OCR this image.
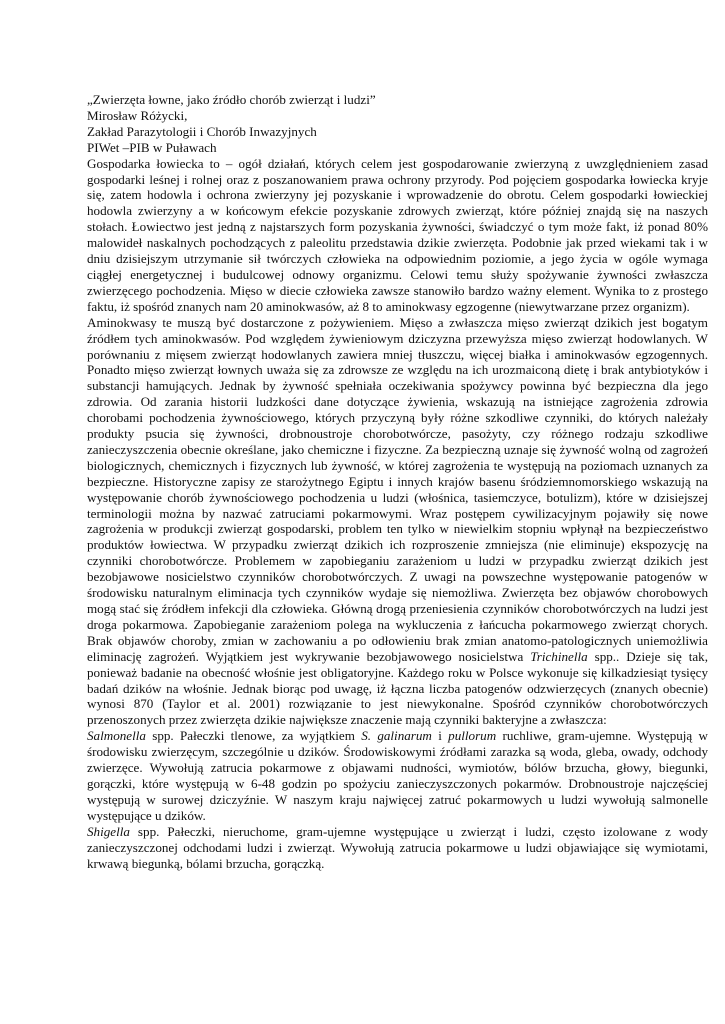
„Zwierzęta łowne, jako źródło chorób zwierząt i ludzi”

Mirosław Różycki,

Zakład Parazytologii i Chorób Inwazyjnych

PIWet –PIB w Puławach

Gospodarka łowiecka to – ogół działań, których celem jest gospodarowanie zwierzyną z uwzględnieniem zasad gospodarki leśnej i rolnej oraz z poszanowaniem prawa ochrony przyrody. Pod pojęciem gospodarka łowiecka kryje się, zatem hodowla i ochrona zwierzyny jej pozyskanie i wprowadzenie do obrotu. Celem gospodarki łowieckiej hodowla zwierzyny a w końcowym efekcie pozyskanie zdrowych zwierząt, które później znajdą się na naszych stołach. Łowiectwo jest jedną z najstarszych form pozyskania żywności, świadczyć o tym może fakt, iż ponad 80% malowideł naskalnych pochodzących z paleolitu przedstawia dzikie zwierzęta. Podobnie jak przed wiekami tak i w dniu dzisiejszym utrzymanie sił twórczych człowieka na odpowiednim poziomie, a jego życia w ogóle wymaga ciągłej energetycznej i budulcowej odnowy organizmu. Celowi temu służy spożywanie żywności zwłaszcza zwierzęcego pochodzenia. Mięso w diecie człowieka zawsze stanowiło bardzo ważny element. Wynika to z prostego faktu, iż spośród znanych nam 20 aminokwasów, aż 8 to aminokwasy egzogenne (niewytwarzane przez organizm).

Aminokwasy te muszą być dostarczone z pożywieniem. Mięso a zwłaszcza mięso zwierząt dzikich jest bogatym źródłem tych aminokwasów. Pod względem żywieniowym dziczyzna przewyższa mięso zwierząt hodowlanych. W porównaniu z mięsem zwierząt hodowlanych zawiera mniej tłuszczu, więcej białka i aminokwasów egzogennych. Ponadto mięso zwierząt łownych uważa się za zdrowsze ze względu na ich urozmaiconą dietę i brak antybiotyków i substancji hamujących. Jednak by żywność spełniała oczekiwania spożywcy powinna być bezpieczna dla jego zdrowia. Od zarania historii ludzkości dane dotyczące żywienia, wskazują na istniejące zagrożenia zdrowia chorobami pochodzenia żywnościowego, których przyczyną były różne szkodliwe czynniki, do których należały produkty psucia się żywności, drobnoustroje chorobotwórcze, pasożyty, czy różnego rodzaju szkodliwe zanieczyszczenia obecnie określane, jako chemiczne i fizyczne. Za bezpieczną uznaje się żywność wolną od zagrożeń biologicznych, chemicznych i fizycznych lub żywność, w której zagrożenia te występują na poziomach uznanych za bezpieczne. Historyczne zapisy ze starożytnego Egiptu i innych krajów basenu śródziemnomorskiego wskazują na występowanie chorób żywnościowego pochodzenia u ludzi (włośnica, tasiemczyce, botulizm), które w dzisiejszej terminologii można by nazwać zatruciami pokarmowymi. Wraz postępem cywilizacyjnym pojawiły się nowe zagrożenia w produkcji zwierząt gospodarski, problem ten tylko w niewielkim stopniu wpłynął na bezpieczeństwo produktów łowiectwa. W przypadku zwierząt dzikich ich rozproszenie zmniejsza (nie eliminuje) ekspozycję na czynniki chorobotwórcze. Problemem w zapobieganiu zarażeniom u ludzi w przypadku zwierząt dzikich jest bezobjawowe nosicielstwo czynników chorobotwórczych. Z uwagi na powszechne występowanie patogenów w środowisku naturalnym eliminacja tych czynników wydaje się niemożliwa. Zwierzęta bez objawów chorobowych mogą stać się źródłem infekcji dla człowieka. Główną drogą przeniesienia czynników chorobotwórczych na ludzi jest droga pokarmowa. Zapobieganie zarażeniom polega na wykluczenia z łańcucha pokarmowego zwierząt chorych. Brak objawów choroby, zmian w zachowaniu a po odłowieniu brak zmian anatomo-patologicznych uniemożliwia eliminację zagrożeń. Wyjątkiem jest wykrywanie bezobjawowego nosicielstwa Trichinella spp.. Dzieje się tak, ponieważ badanie na obecność włośnie jest obligatoryjne. Każdego roku w Polsce wykonuje się kilkadziesiąt tysięcy badań dzików na włośnie. Jednak biorąc pod uwagę, iż łączna liczba patogenów odzwierzęcych (znanych obecnie) wynosi 870 (Taylor et al. 2001) rozwiązanie to jest niewykonalne. Spośród czynników chorobotwórczych przenoszonych przez zwierzęta dzikie największe znaczenie mają czynniki bakteryjne a zwłaszcza:

Salmonella spp. Pałeczki tlenowe, za wyjątkiem S. galinarum i pullorum ruchliwe, gram-ujemne. Występują w środowisku zwierzęcym, szczególnie u dzików. Środowiskowymi źródłami zarazka są woda, gleba, owady, odchody zwierzęce. Wywołują zatrucia pokarmowe z objawami nudności, wymiotów, bólów brzucha, głowy, biegunki, gorączki, które występują w 6-48 godzin po spożyciu zanieczyszczonych pokarmów. Drobnoustroje najczęściej występują w surowej dziczyźnie. W naszym kraju najwięcej zatruć pokarmowych u ludzi wywołują salmonelle występujące u dzików.

Shigella spp. Pałeczki, nieruchome, gram-ujemne występujące u zwierząt i ludzi, często izolowane z wody zanieczyszczonej odchodami ludzi i zwierząt. Wywołują zatrucia pokarmowe u ludzi objawiające się wymiotami, krwawą biegunką, bólami brzucha, gorączką.
